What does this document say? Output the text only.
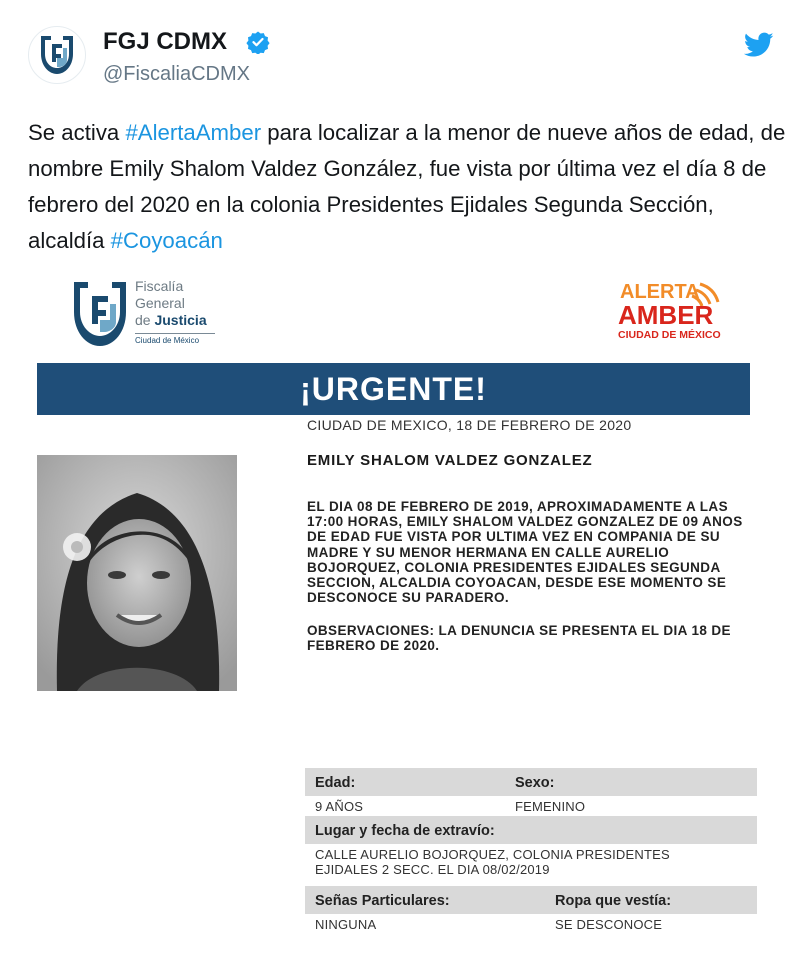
FGJ CDMX
@FiscaliaCDMX
Se activa #AlertaAmber para localizar a la menor de nueve años de edad, de nombre Emily Shalom Valdez González, fue vista por última vez el día 8 de febrero del 2020 en la colonia Presidentes Ejidales Segunda Sección, alcaldía #Coyoacán
Fiscalía
General
de Justicia
Ciudad de México
ALERTA
AMBER
CIUDAD DE MÉXICO
¡URGENTE!
CIUDAD DE MEXICO, 18 DE FEBRERO DE 2020
EMILY SHALOM VALDEZ GONZALEZ
EL DIA 08 DE FEBRERO DE 2019, APROXIMADAMENTE A LAS 17:00 HORAS, EMILY SHALOM VALDEZ GONZALEZ DE 09 ANOS DE EDAD FUE VISTA POR ULTIMA VEZ EN COMPANIA DE SU MADRE Y SU MENOR HERMANA EN CALLE AURELIO BOJORQUEZ, COLONIA PRESIDENTES EJIDALES SEGUNDA SECCION, ALCALDIA COYOACAN, DESDE ESE MOMENTO SE DESCONOCE SU PARADERO.
OBSERVACIONES: LA DENUNCIA SE PRESENTA EL DIA 18 DE FEBRERO DE 2020.
Edad:	Sexo:
9 AÑOS	FEMENINO
Lugar y fecha de extravío:
CALLE AURELIO BOJORQUEZ, COLONIA PRESIDENTES EJIDALES 2 SECC. EL DIA 08/02/2019
Señas Particulares:	Ropa que vestía:
NINGUNA	SE DESCONOCE
